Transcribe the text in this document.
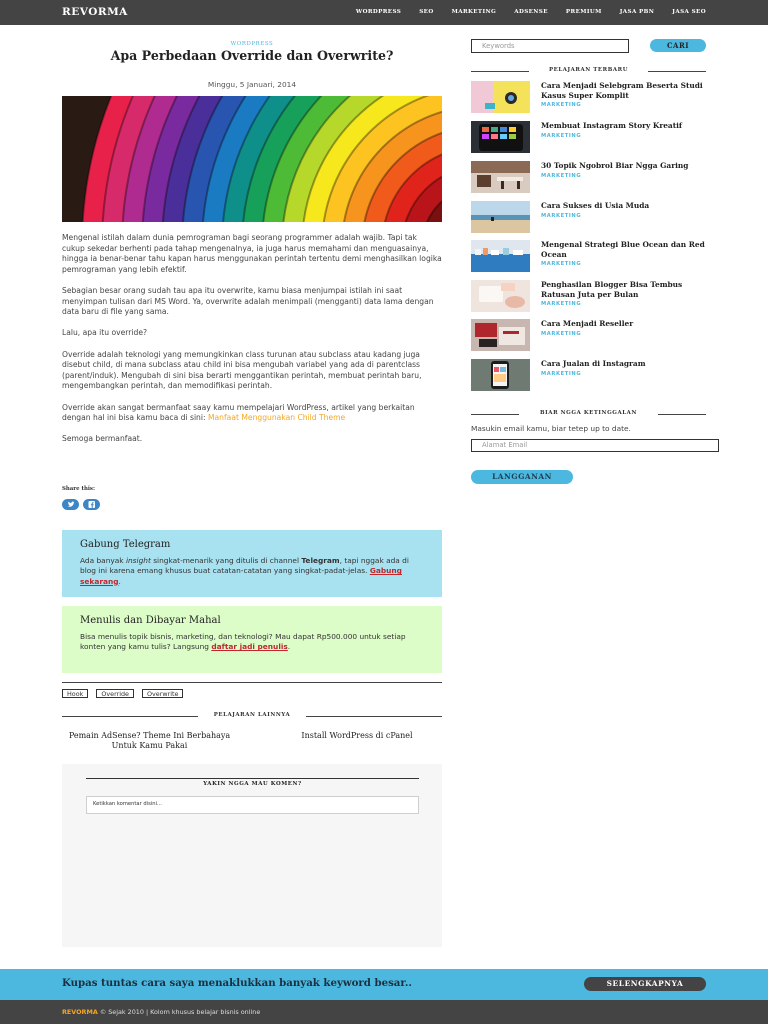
REVORMA	WORDPRESS	SEO	MARKETING	ADSENSE	PREMIUM	JASA PBN	JASA SEO
WORDPRESS
Apa Perbedaan Override dan Overwrite?
Minggu, 5 Januari, 2014

Mengenal istilah dalam dunia pemrograman bagi seorang programmer adalah wajib. Tapi tak cukup sekedar berhenti pada tahap mengenalnya, ia juga harus memahami dan menguasainya, hingga ia benar-benar tahu kapan harus menggunakan perintah tertentu demi menghasilkan logika pemrograman yang lebih efektif.

Sebagian besar orang sudah tau apa itu overwrite, kamu biasa menjumpai istilah ini saat menyimpan tulisan dari MS Word. Ya, overwrite adalah menimpali (mengganti) data lama dengan data baru di file yang sama.

Lalu, apa itu override?

Override adalah teknologi yang memungkinkan class turunan atau subclass atau kadang juga disebut child, di mana subclass atau child ini bisa mengubah variabel yang ada di parentclass (parent/induk). Mengubah di sini bisa berarti menggantikan perintah, membuat perintah baru, mengembangkan perintah, dan memodifikasi perintah.

Override akan sangat bermanfaat saay kamu mempelajari WordPress, artikel yang berkaitan dengan hal ini bisa kamu baca di sini: Manfaat Menggunakan Child Theme

Semoga bermanfaat.

Share this:
Gabung Telegram

Ada banyak insight singkat-menarik yang ditulis di channel Telegram, tapi nggak ada di blog ini karena emang khusus buat catatan-catatan yang singkat-padat-jelas. Gabung sekarang.

Menulis dan Dibayar Mahal

Bisa menulis topik bisnis, marketing, dan teknologi? Mau dapat Rp500.000 untuk setiap konten yang kamu tulis? Langsung daftar jadi penulis.

Hook	Override	Overwrite
PELAJARAN LAINNYA
Pemain AdSense? Theme Ini Berbahaya Untuk Kamu Pakai
Install WordPress di cPanel
YAKIN NGGA MAU KOMEN?
Ketikkan komentar disini...
Keywords	CARI
PELAJARAN TERBARU
Cara Menjadi Selebgram Beserta Studi Kasus Super Komplit
MARKETING
Membuat Instagram Story Kreatif
MARKETING
30 Topik Ngobrol Biar Ngga Garing
MARKETING
Cara Sukses di Usia Muda
MARKETING
Mengenal Strategi Blue Ocean dan Red Ocean
MARKETING
Penghasilan Blogger Bisa Tembus Ratusan Juta per Bulan
MARKETING
Cara Menjadi Reseller
MARKETING
Cara Jualan di Instagram
MARKETING
BIAR NGGA KETINGGALAN
Masukin email kamu, biar tetep up to date.
Alamat Email
LANGGANAN
Kupas tuntas cara saya menaklukkan banyak keyword besar..	SELENGKAPNYA
REVORMA © Sejak 2010 | Kolom khusus belajar bisnis online
